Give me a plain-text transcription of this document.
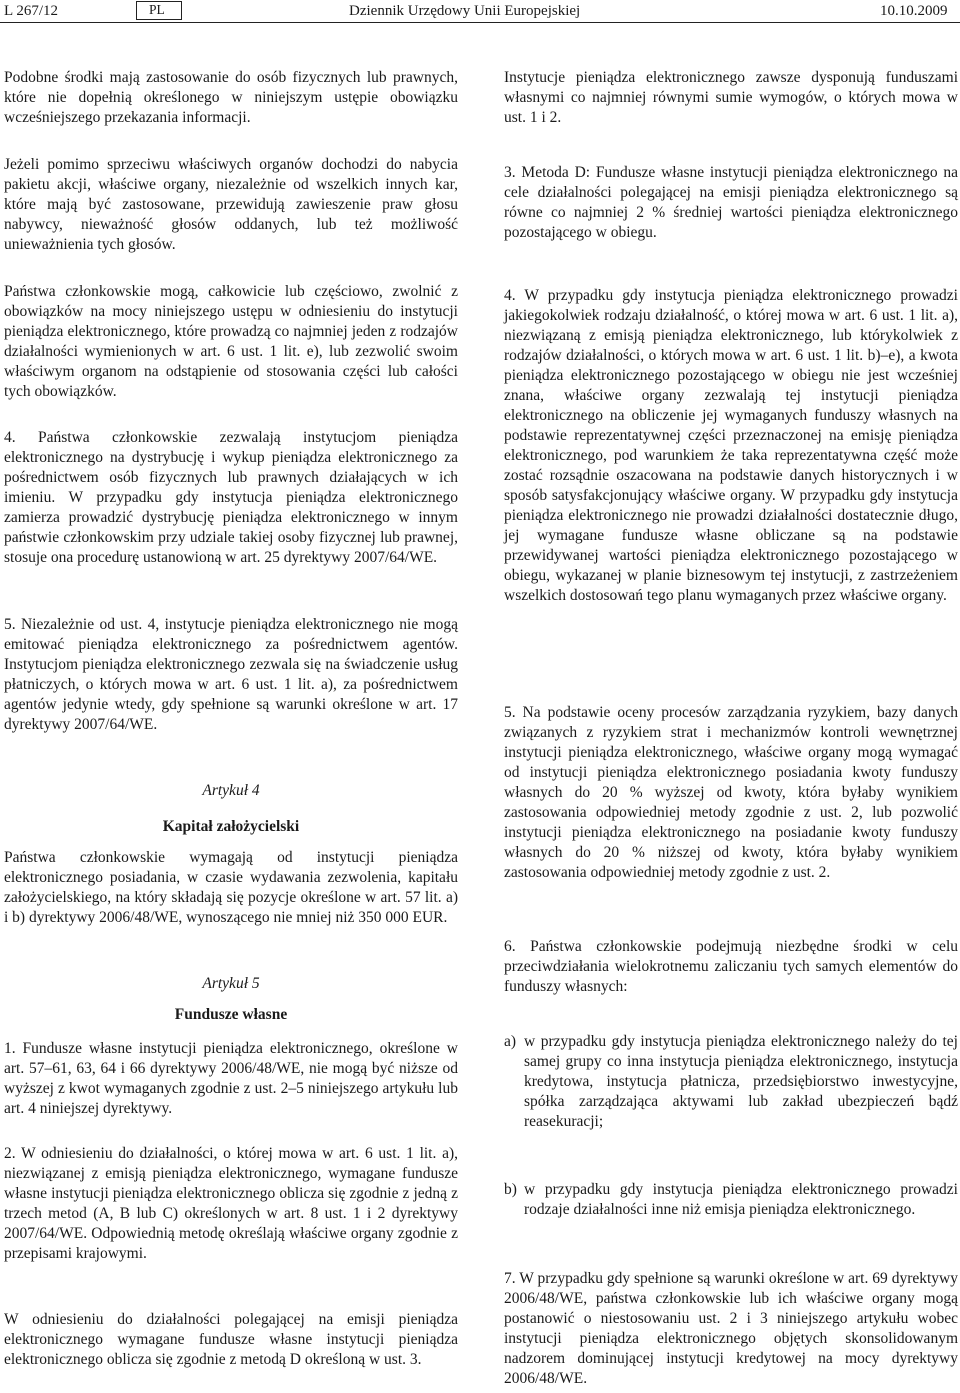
L 267/12	PL	Dziennik Urzędowy Unii Europejskiej	10.10.2009

Podobne środki mają zastosowanie do osób fizycznych lub prawnych, które nie dopełnią określonego w niniejszym ustępie obowiązku wcześniejszego przekazania informacji.

Jeżeli pomimo sprzeciwu właściwych organów dochodzi do nabycia pakietu akcji, właściwe organy, niezależnie od wszelkich innych kar, które mają być zastosowane, przewidują zawieszenie praw głosu nabywcy, nieważność głosów oddanych, lub też możliwość unieważnienia tych głosów.

Państwa członkowskie mogą, całkowicie lub częściowo, zwolnić z obowiązków na mocy niniejszego ustępu w odniesieniu do instytucji pieniądza elektronicznego, które prowadzą co najmniej jeden z rodzajów działalności wymienionych w art. 6 ust. 1 lit. e), lub zezwolić swoim właściwym organom na odstąpienie od stosowania części lub całości tych obowiązków.

4. Państwa członkowskie zezwalają instytucjom pieniądza elektronicznego na dystrybucję i wykup pieniądza elektronicznego za pośrednictwem osób fizycznych lub prawnych działających w ich imieniu. W przypadku gdy instytucja pieniądza elektronicznego zamierza prowadzić dystrybucję pieniądza elektronicznego w innym państwie członkowskim przy udziale takiej osoby fizycznej lub prawnej, stosuje ona procedurę ustanowioną w art. 25 dyrektywy 2007/64/WE.

5. Niezależnie od ust. 4, instytucje pieniądza elektronicznego nie mogą emitować pieniądza elektronicznego za pośrednictwem agentów. Instytucjom pieniądza elektronicznego zezwala się na świadczenie usług płatniczych, o których mowa w art. 6 ust. 1 lit. a), za pośrednictwem agentów jedynie wtedy, gdy spełnione są warunki określone w art. 17 dyrektywy 2007/64/WE.

Artykuł 4

Kapitał założycielski

Państwa członkowskie wymagają od instytucji pieniądza elektronicznego posiadania, w czasie wydawania zezwolenia, kapitału założycielskiego, na który składają się pozycje określone w art. 57 lit. a) i b) dyrektywy 2006/48/WE, wynoszącego nie mniej niż 350 000 EUR.

Artykuł 5

Fundusze własne

1. Fundusze własne instytucji pieniądza elektronicznego, określone w art. 57–61, 63, 64 i 66 dyrektywy 2006/48/WE, nie mogą być niższe od wyższej z kwot wymaganych zgodnie z ust. 2–5 niniejszego artykułu lub art. 4 niniejszej dyrektywy.

2. W odniesieniu do działalności, o której mowa w art. 6 ust. 1 lit. a), niezwiązanej z emisją pieniądza elektronicznego, wymagane fundusze własne instytucji pieniądza elektronicznego oblicza się zgodnie z jedną z trzech metod (A, B lub C) określonych w art. 8 ust. 1 i 2 dyrektywy 2007/64/WE. Odpowiednią metodę określają właściwe organy zgodnie z przepisami krajowymi.

W odniesieniu do działalności polegającej na emisji pieniądza elektronicznego wymagane fundusze własne instytucji pieniądza elektronicznego oblicza się zgodnie z metodą D określoną w ust. 3.

Instytucje pieniądza elektronicznego zawsze dysponują funduszami własnymi co najmniej równymi sumie wymogów, o których mowa w ust. 1 i 2.

3. Metoda D: Fundusze własne instytucji pieniądza elektronicznego na cele działalności polegającej na emisji pieniądza elektronicznego są równe co najmniej 2 % średniej wartości pieniądza elektronicznego pozostającego w obiegu.

4. W przypadku gdy instytucja pieniądza elektronicznego prowadzi jakiegokolwiek rodzaju działalność, o której mowa w art. 6 ust. 1 lit. a), niezwiązaną z emisją pieniądza elektronicznego, lub którykolwiek z rodzajów działalności, o których mowa w art. 6 ust. 1 lit. b)–e), a kwota pieniądza elektronicznego pozostającego w obiegu nie jest wcześniej znana, właściwe organy zezwalają tej instytucji pieniądza elektronicznego na obliczenie jej wymaganych funduszy własnych na podstawie reprezentatywnej części przeznaczonej na emisję pieniądza elektronicznego, pod warunkiem że taka reprezentatywna część może zostać rozsądnie oszacowana na podstawie danych historycznych i w sposób satysfakcjonujący właściwe organy. W przypadku gdy instytucja pieniądza elektronicznego nie prowadzi działalności dostatecznie długo, jej wymagane fundusze własne obliczane są na podstawie przewidywanej wartości pieniądza elektronicznego pozostającego w obiegu, wykazanej w planie biznesowym tej instytucji, z zastrzeżeniem wszelkich dostosowań tego planu wymaganych przez właściwe organy.

5. Na podstawie oceny procesów zarządzania ryzykiem, bazy danych związanych z ryzykiem strat i mechanizmów kontroli wewnętrznej instytucji pieniądza elektronicznego, właściwe organy mogą wymagać od instytucji pieniądza elektronicznego posiadania kwoty funduszy własnych do 20 % wyższej od kwoty, która byłaby wynikiem zastosowania odpowiedniej metody zgodnie z ust. 2, lub pozwolić instytucji pieniądza elektronicznego na posiadanie kwoty funduszy własnych do 20 % niższej od kwoty, która byłaby wynikiem zastosowania odpowiedniej metody zgodnie z ust. 2.

6. Państwa członkowskie podejmują niezbędne środki w celu przeciwdziałania wielokrotnemu zaliczaniu tych samych elementów do funduszy własnych:

a) w przypadku gdy instytucja pieniądza elektronicznego należy do tej samej grupy co inna instytucja pieniądza elektronicznego, instytucja kredytowa, instytucja płatnicza, przedsiębiorstwo inwestycyjne, spółka zarządzająca aktywami lub zakład ubezpieczeń bądź reasekuracji;

b) w przypadku gdy instytucja pieniądza elektronicznego prowadzi rodzaje działalności inne niż emisja pieniądza elektronicznego.

7. W przypadku gdy spełnione są warunki określone w art. 69 dyrektywy 2006/48/WE, państwa członkowskie lub ich właściwe organy mogą postanowić o niestosowaniu ust. 2 i 3 niniejszego artykułu wobec instytucji pieniądza elektronicznego objętych skonsolidowanym nadzorem dominującej instytucji kredytowej na mocy dyrektywy 2006/48/WE.
